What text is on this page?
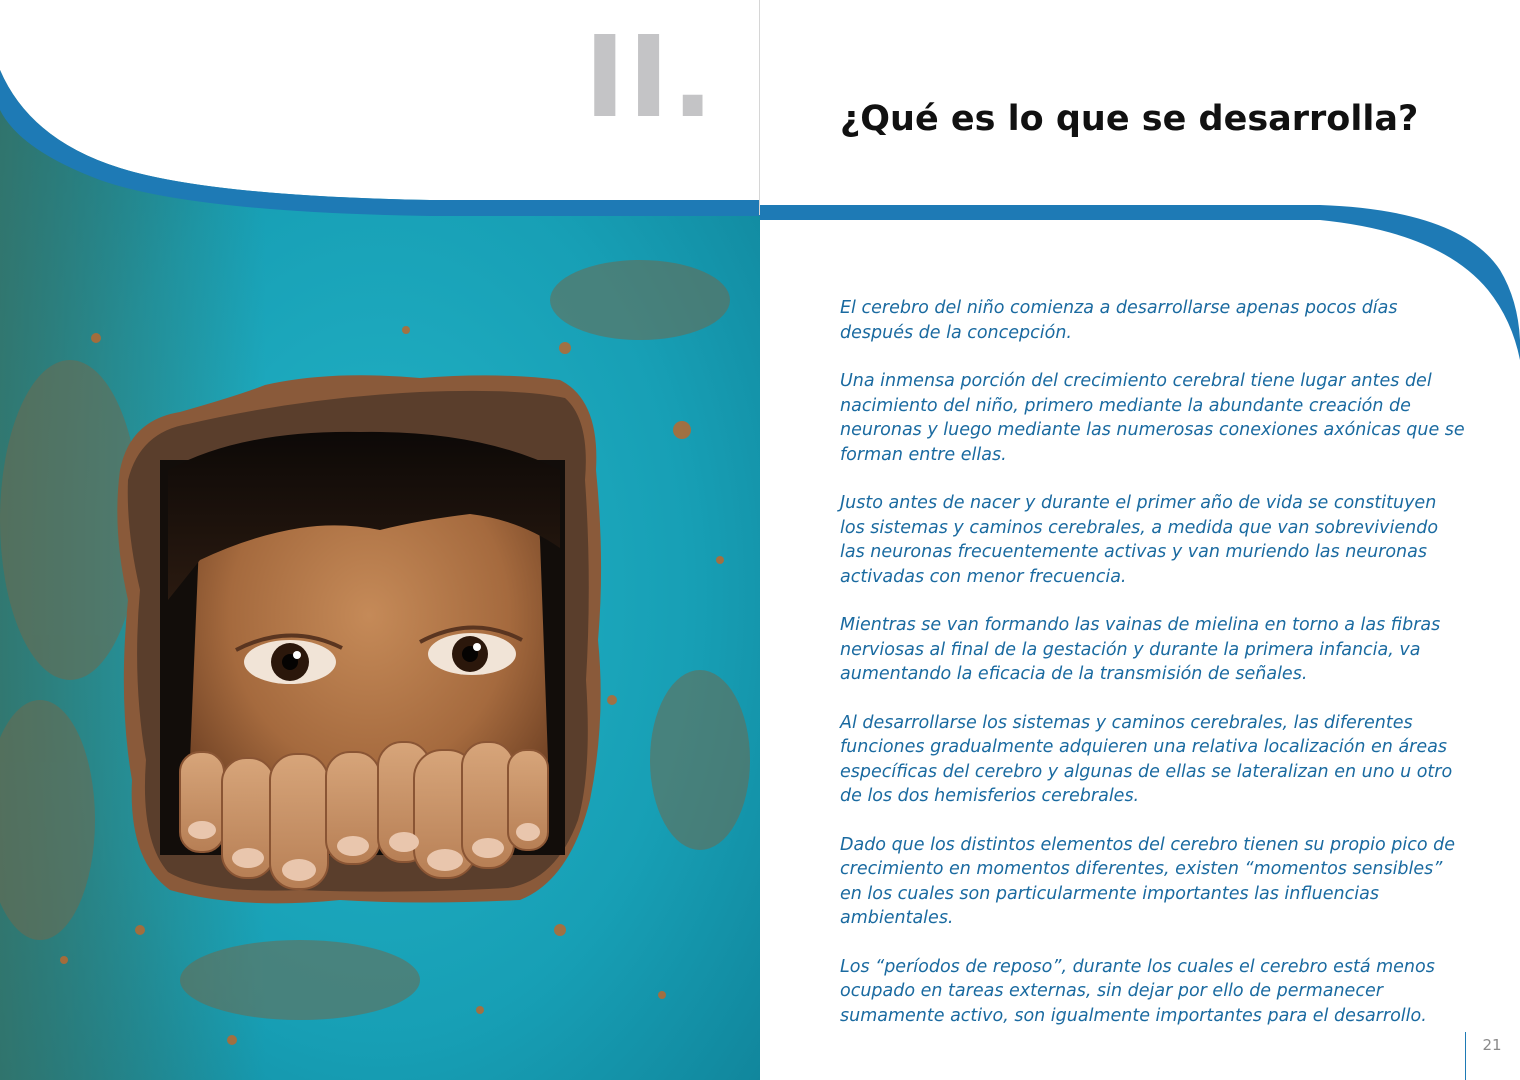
II.	¿Qué es lo que se desarrolla?

El cerebro del niño comienza a desarrollarse apenas pocos días después de la concepción.

Una inmensa porción del crecimiento cerebral tiene lugar antes del nacimiento del niño, primero mediante la abundante creación de neuronas y luego mediante las numerosas conexiones axónicas que se forman entre ellas.

Justo antes de nacer y durante el primer año de vida se constituyen los sistemas y caminos cerebrales, a medida que van sobreviviendo las neuronas frecuentemente activas y van muriendo las neuronas activadas con menor frecuencia.

Mientras se van formando las vainas de mielina en torno a las fibras nerviosas al final de la gestación y durante la primera infancia, va aumentando la eficacia de la transmisión de señales.

Al desarrollarse los sistemas y caminos cerebrales, las diferentes funciones gradualmente adquieren una relativa localización en áreas específicas del cerebro y algunas de ellas se lateralizan en uno u otro de los dos hemisferios cerebrales.

Dado que los distintos elementos del cerebro tienen su propio pico de crecimiento en momentos diferentes, existen “momentos sensibles” en los cuales son particularmente importantes las influencias ambientales.

Los “períodos de reposo”, durante los cuales el cerebro está menos ocupado en tareas externas, sin dejar por ello de permanecer sumamente activo, son igualmente importantes para el desarrollo.

21
